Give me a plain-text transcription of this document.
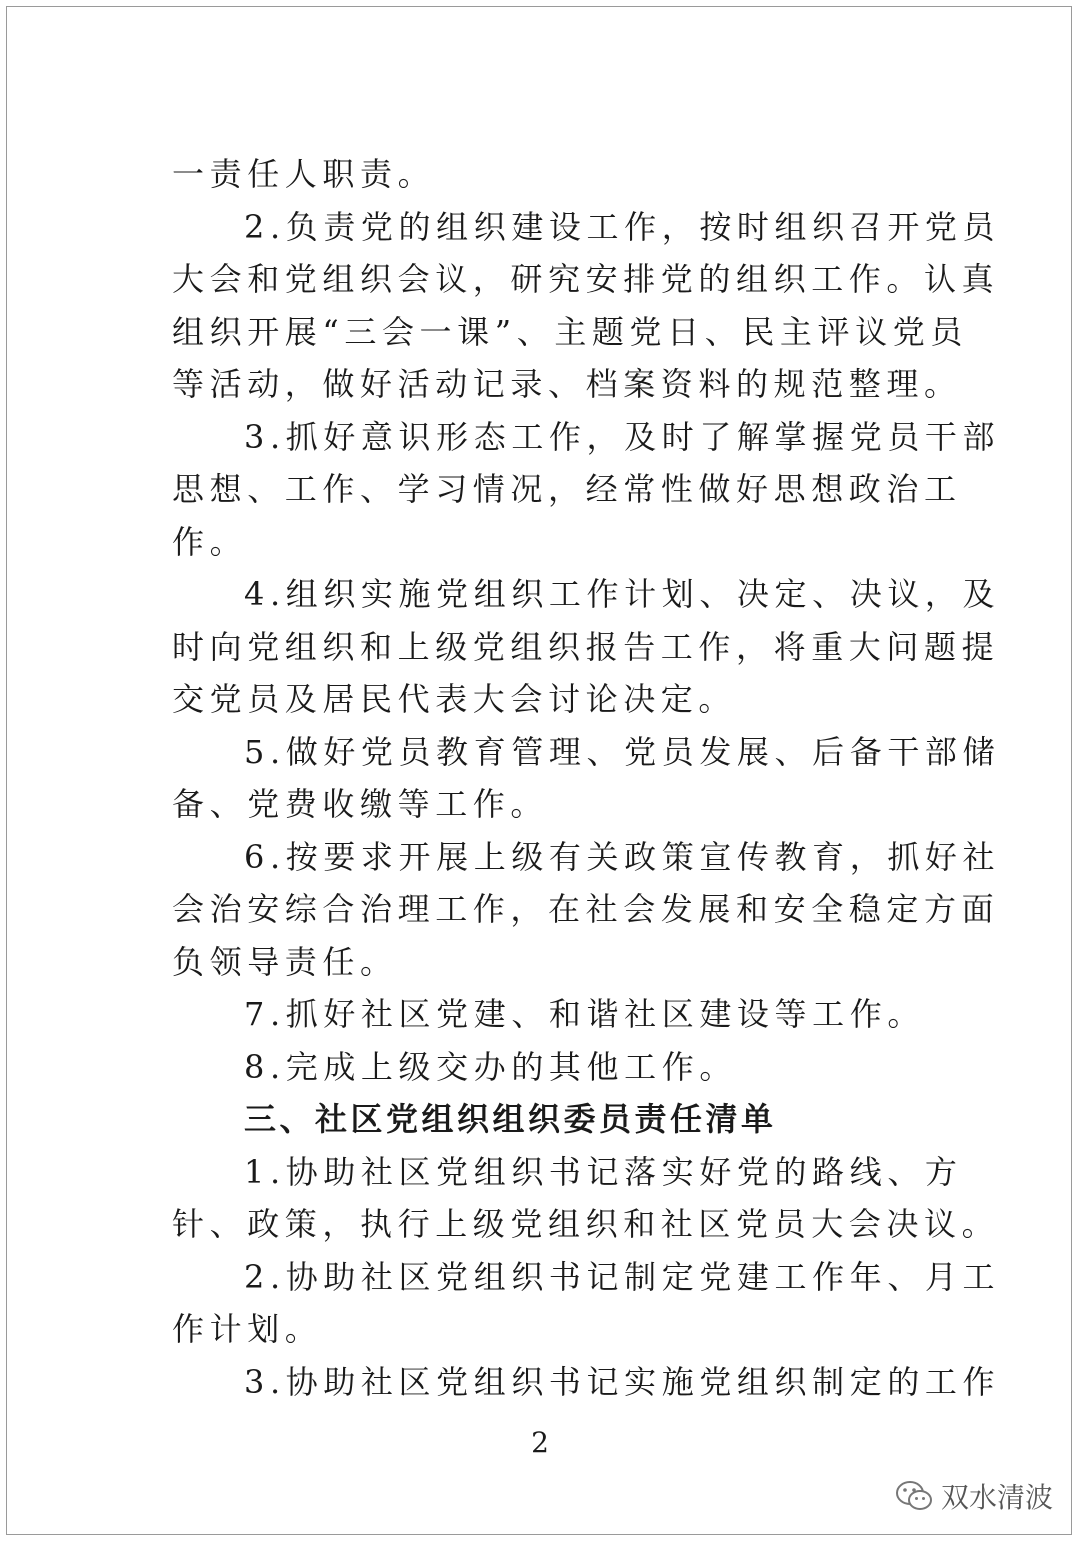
一责任人职责。
2.负责党的组织建设工作，按时组织召开党员
大会和党组织会议，研究安排党的组织工作。认真
组织开展“三会一课”、主题党日、民主评议党员
等活动，做好活动记录、档案资料的规范整理。
3.抓好意识形态工作，及时了解掌握党员干部
思想、工作、学习情况，经常性做好思想政治工
作。
4.组织实施党组织工作计划、决定、决议，及
时向党组织和上级党组织报告工作，将重大问题提
交党员及居民代表大会讨论决定。
5.做好党员教育管理、党员发展、后备干部储
备、党费收缴等工作。
6.按要求开展上级有关政策宣传教育，抓好社
会治安综合治理工作，在社会发展和安全稳定方面
负领导责任。
7.抓好社区党建、和谐社区建设等工作。
8.完成上级交办的其他工作。
三、社区党组织组织委员责任清单
1.协助社区党组织书记落实好党的路线、方
针、政策，执行上级党组织和社区党员大会决议。
2.协助社区党组织书记制定党建工作年、月工
作计划。
3.协助社区党组织书记实施党组织制定的工作
2
双水清波
